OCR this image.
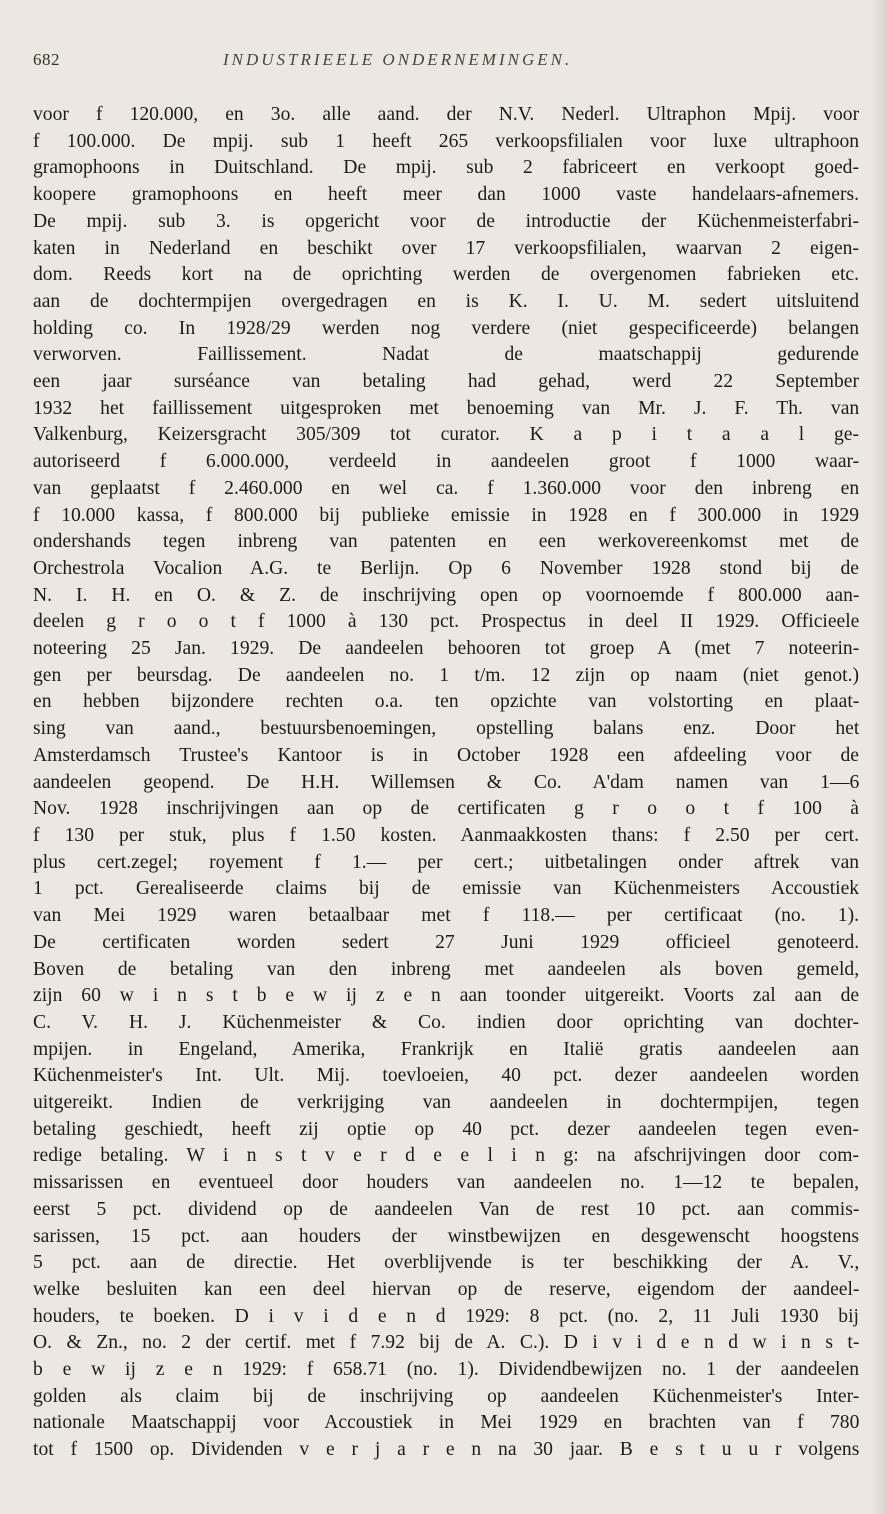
682	INDUSTRIEELE ONDERNEMINGEN.
voor f 120.000, en 3o. alle aand. der N.V. Nederl. Ultraphon Mpij. voor
f 100.000. De mpij. sub 1 heeft 265 verkoopsfilialen voor luxe ultraphoon
gramophoons in Duitschland. De mpij. sub 2 fabriceert en verkoopt goed-
koopere gramophoons en heeft meer dan 1000 vaste handelaars-afnemers.
De mpij. sub 3. is opgericht voor de introductie der Küchenmeisterfabri-
katen in Nederland en beschikt over 17 verkoopsfilialen, waarvan 2 eigen-
dom. Reeds kort na de oprichting werden de overgenomen fabrieken etc.
aan de dochtermpijen overgedragen en is K. I. U. M. sedert uitsluitend
holding co. In 1928/29 werden nog verdere (niet gespecificeerde) belangen
verworven. Faillissement. Nadat de maatschappij gedurende
een jaar surséance van betaling had gehad, werd 22 September
1932 het faillissement uitgesproken met benoeming van Mr. J. F. Th. van
Valkenburg, Keizersgracht 305/309 tot curator. K a p i t a a l ge-
autoriseerd f 6.000.000, verdeeld in aandeelen groot f 1000 waar-
van geplaatst f 2.460.000 en wel ca. f 1.360.000 voor den inbreng en
f 10.000 kassa, f 800.000 bij publieke emissie in 1928 en f 300.000 in 1929
ondershands tegen inbreng van patenten en een werkovereenkomst met de
Orchestrola Vocalion A.G. te Berlijn. Op 6 November 1928 stond bij de
N. I. H. en O. & Z. de inschrijving open op voornoemde f 800.000 aan-
deelen g r o o t f 1000 à 130 pct. Prospectus in deel II 1929. Officieele
noteering 25 Jan. 1929. De aandeelen behooren tot groep A (met 7 noteerin-
gen per beursdag. De aandeelen no. 1 t/m. 12 zijn op naam (niet genot.)
en hebben bijzondere rechten o.a. ten opzichte van volstorting en plaat-
sing van aand., bestuursbenoemingen, opstelling balans enz. Door het
Amsterdamsch Trustee's Kantoor is in October 1928 een afdeeling voor de
aandeelen geopend. De H.H. Willemsen & Co. A'dam namen van 1—6
Nov. 1928 inschrijvingen aan op de certificaten g r o o t f 100 à
f 130 per stuk, plus f 1.50 kosten. Aanmaakkosten thans: f 2.50 per cert.
plus cert.zegel; royement f 1.— per cert.; uitbetalingen onder aftrek van
1 pct. Gerealiseerde claims bij de emissie van Küchenmeisters Accoustiek
van Mei 1929 waren betaalbaar met f 118.— per certificaat (no. 1).
De certificaten worden sedert 27 Juni 1929 officieel genoteerd.
Boven de betaling van den inbreng met aandeelen als boven gemeld,
zijn 60 w i n s t b e w ij z e n aan toonder uitgereikt. Voorts zal aan de
C. V. H. J. Küchenmeister & Co. indien door oprichting van dochter-
mpijen. in Engeland, Amerika, Frankrijk en Italië gratis aandeelen aan
Küchenmeister's Int. Ult. Mij. toevloeien, 40 pct. dezer aandeelen worden
uitgereikt. Indien de verkrijging van aandeelen in dochtermpijen, tegen
betaling geschiedt, heeft zij optie op 40 pct. dezer aandeelen tegen even-
redige betaling. W i n s t v e r d e e l i n g: na afschrijvingen door com-
missarissen en eventueel door houders van aandeelen no. 1—12 te bepalen,
eerst 5 pct. dividend op de aandeelen Van de rest 10 pct. aan commis-
sarissen, 15 pct. aan houders der winstbewijzen en desgewenscht hoogstens
5 pct. aan de directie. Het overblijvende is ter beschikking der A. V.,
welke besluiten kan een deel hiervan op de reserve, eigendom der aandeel-
houders, te boeken. D i v i d e n d 1929: 8 pct. (no. 2, 11 Juli 1930 bij
O. & Zn., no. 2 der certif. met f 7.92 bij de A. C.). D i v i d e n d w i n s t-
b e w ij z e n 1929: f 658.71 (no. 1). Dividendbewijzen no. 1 der aandeelen
golden als claim bij de inschrijving op aandeelen Küchenmeister's Inter-
nationale Maatschappij voor Accoustiek in Mei 1929 en brachten van f 780
tot f 1500 op. Dividenden v e r j a r e n na 30 jaar. B e s t u u r volgens
